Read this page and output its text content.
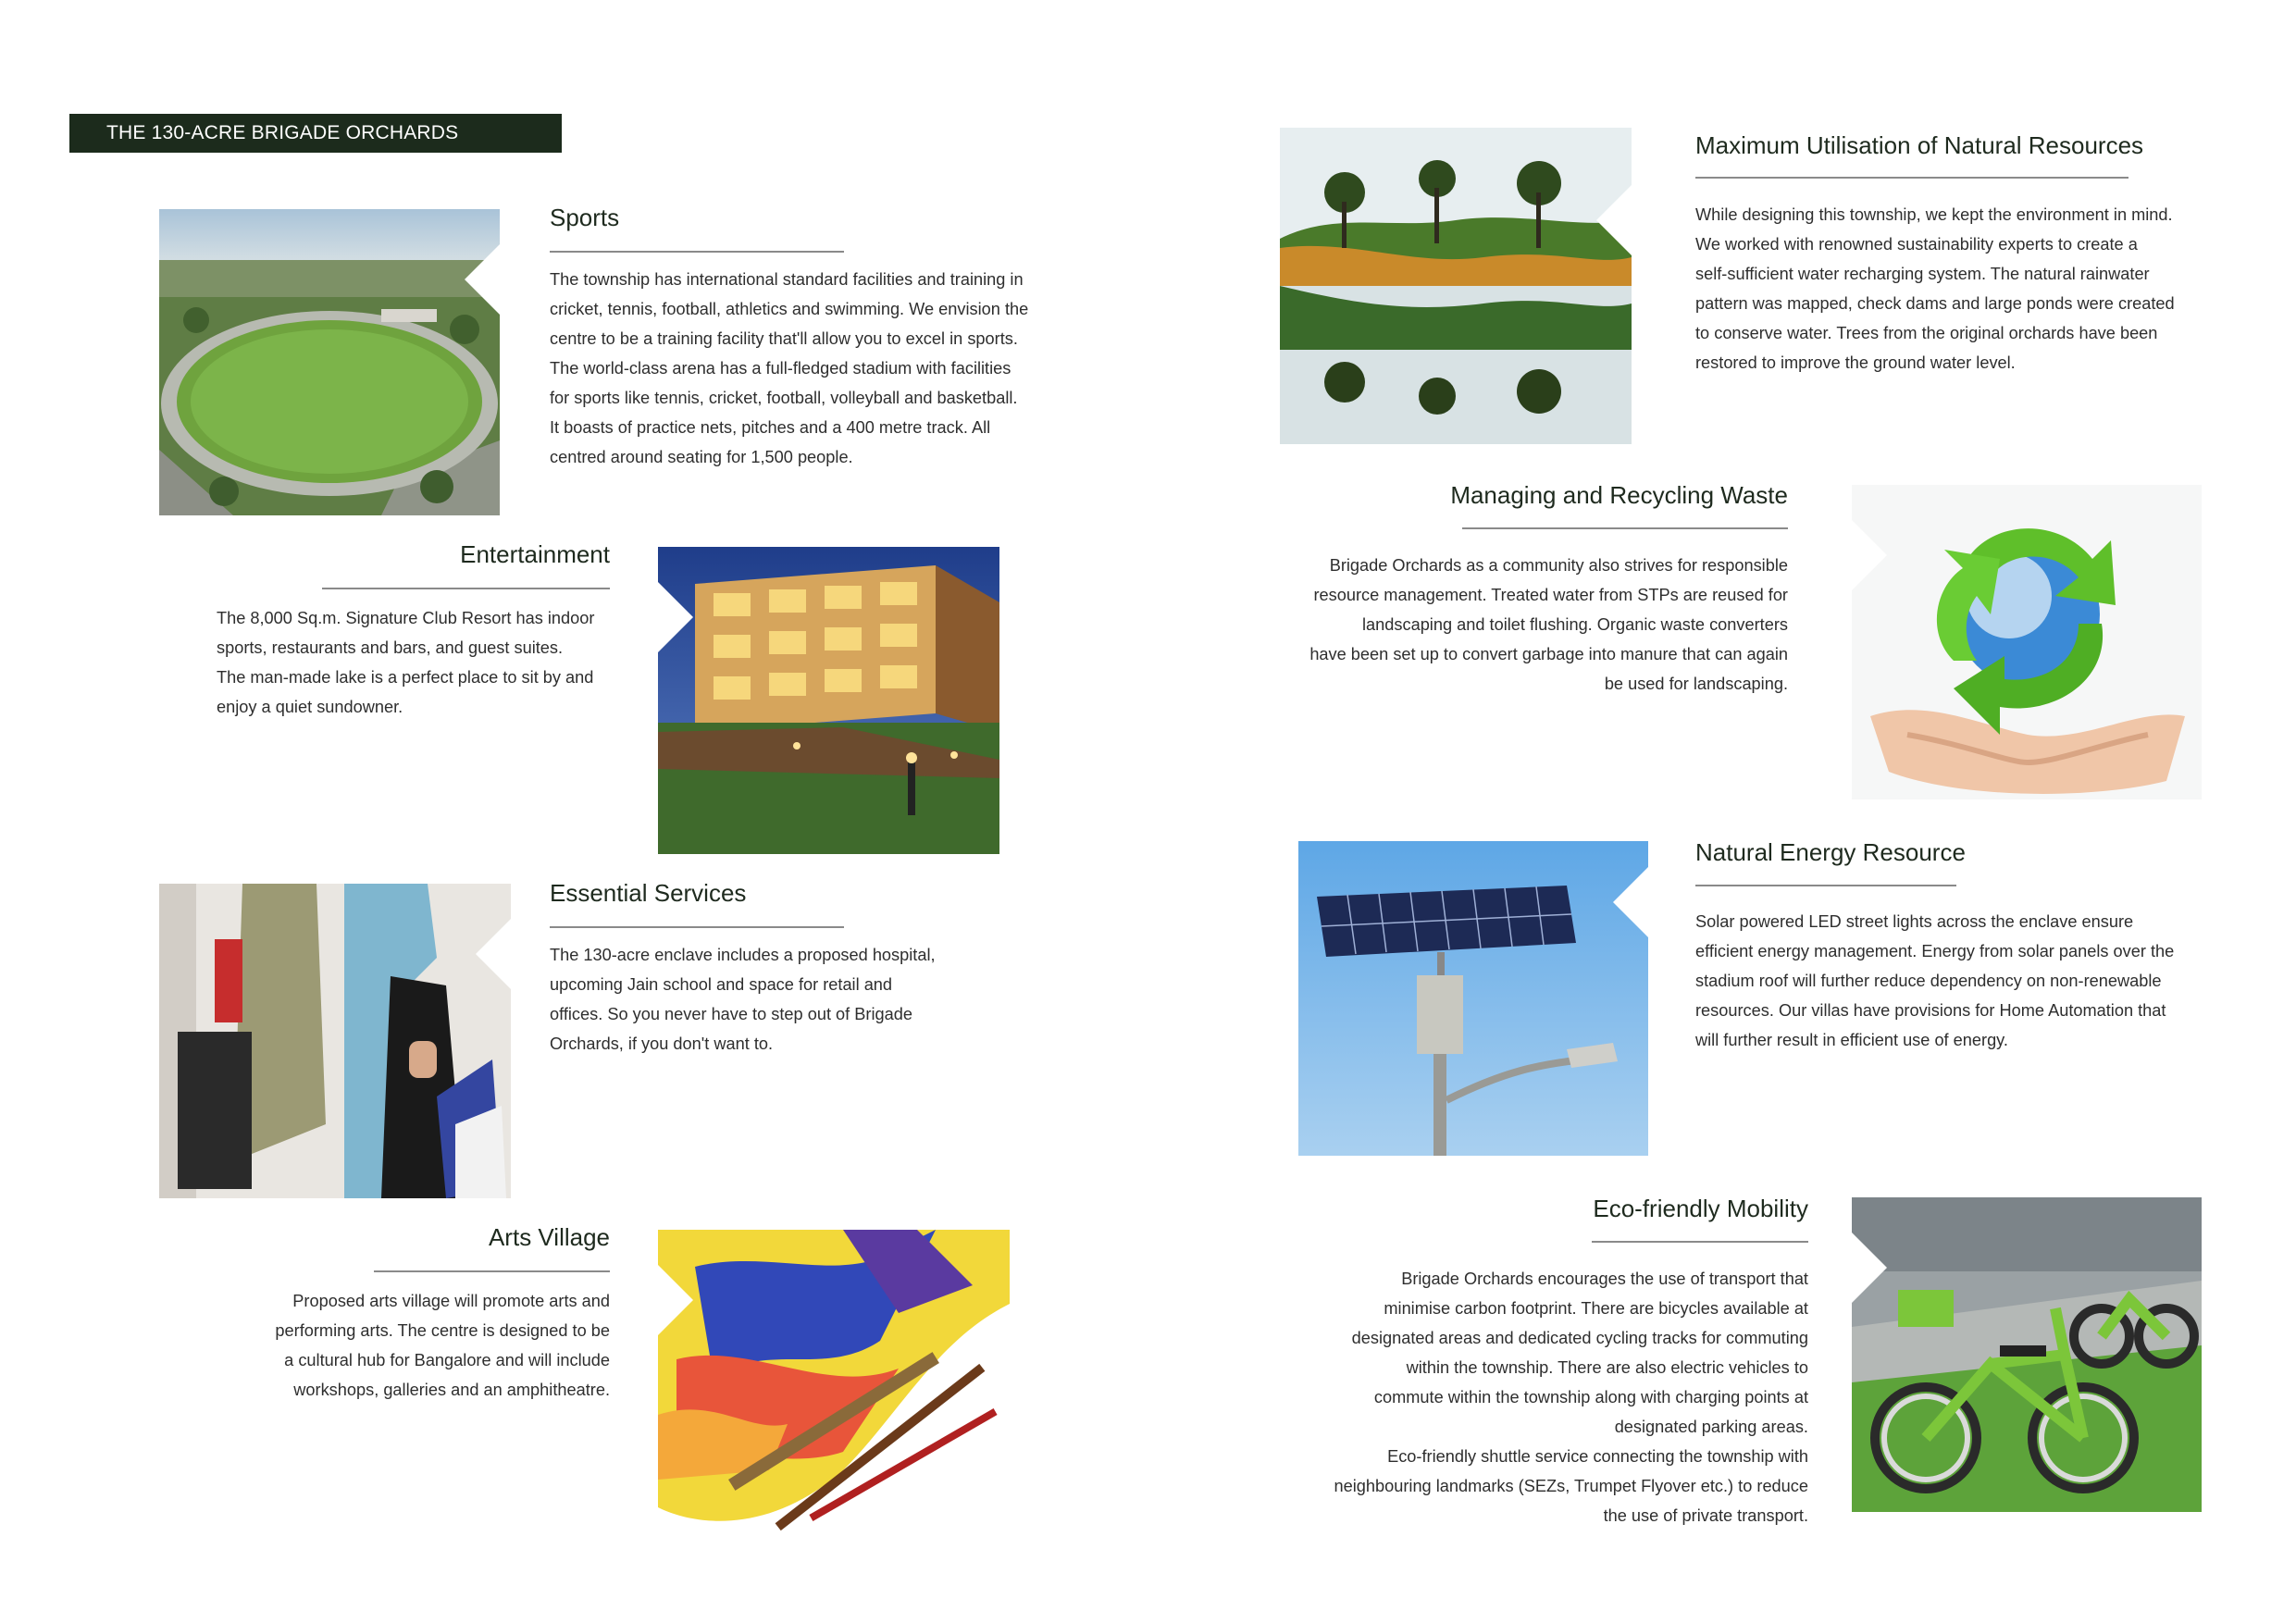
THE 130-ACRE BRIGADE ORCHARDS INCLUDES:
Sports
The township has international standard facilities and training in
cricket, tennis, football, athletics and swimming. We envision the
centre to be a training facility that'll allow you to excel in sports.
The world-class arena has a full-fledged stadium with facilities
for sports like tennis, cricket, football, volleyball and basketball.
It boasts of practice nets, pitches and a 400 metre track. All
centred around seating for 1,500 people.
Entertainment
The 8,000 Sq.m. Signature Club Resort has indoor
sports, restaurants and bars, and guest suites.
The man-made lake is a perfect place to sit by and
enjoy a quiet sundowner.
Essential Services
The 130-acre enclave includes a proposed hospital,
upcoming Jain school and space for retail and
offices. So you never have to step out of Brigade
Orchards, if you don't want to.
Arts Village
Proposed arts village will promote arts and
performing arts. The centre is designed to be
a cultural hub for Bangalore and will include
workshops, galleries and an amphitheatre.
Maximum Utilisation of Natural Resources
While designing this township, we kept the environment in mind.
We worked with renowned sustainability experts to create a
self-sufficient water recharging system. The natural rainwater
pattern was mapped, check dams and large ponds were created
to conserve water. Trees from the original orchards have been
restored to improve the ground water level.
Managing and Recycling Waste
Brigade Orchards as a community also strives for responsible
resource management. Treated water from STPs are reused for
landscaping and toilet flushing. Organic waste converters
have been set up to convert garbage into manure that can again
be used for landscaping.
Natural Energy Resource
Solar powered LED street lights across the enclave ensure
efficient energy management. Energy from solar panels over the
stadium roof will further reduce dependency on non-renewable
resources. Our villas have provisions for Home Automation that
will further result in efficient use of energy.
Eco-friendly Mobility
Brigade Orchards encourages the use of transport that
minimise carbon footprint. There are bicycles available at
designated areas and dedicated cycling tracks for commuting
within the township. There are also electric vehicles to
commute within the township along with charging points at
designated parking areas.
Eco-friendly shuttle service connecting the township with
neighbouring landmarks (SEZs, Trumpet Flyover etc.) to reduce
the use of private transport.
